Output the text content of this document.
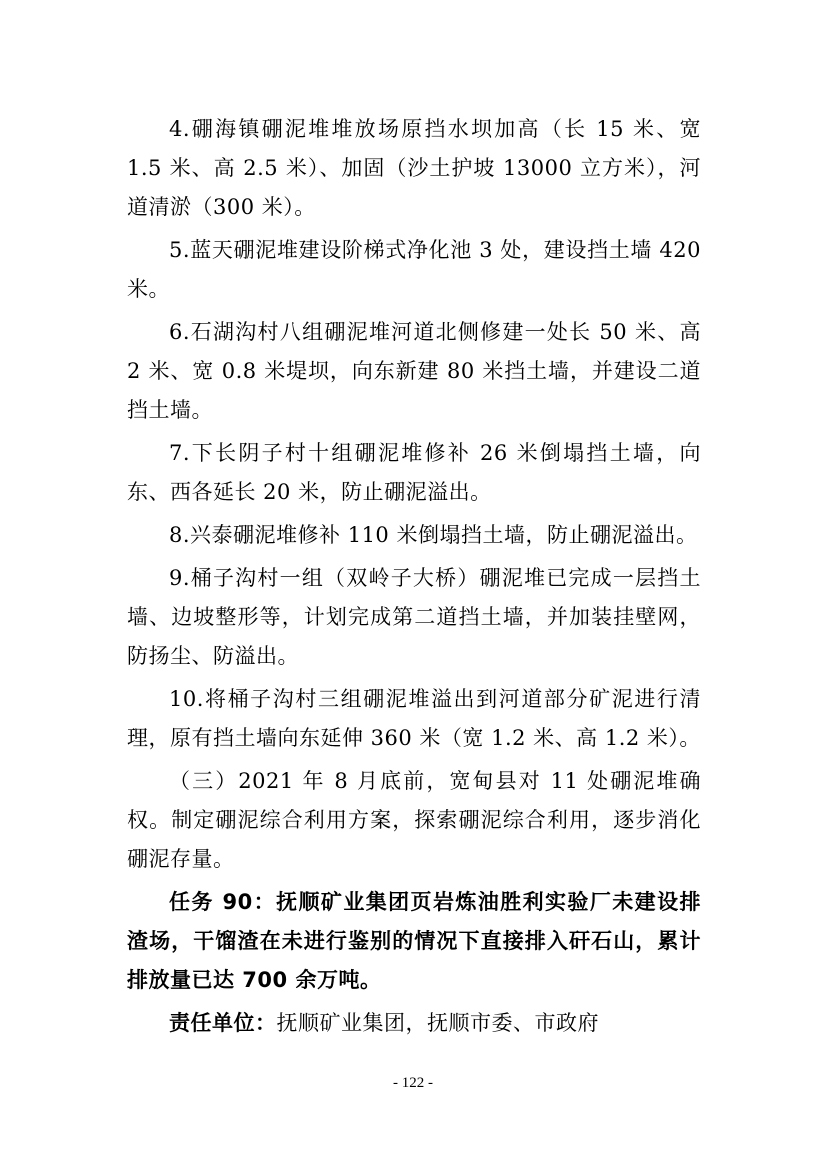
4.硼海镇硼泥堆堆放场原挡水坝加高（长 15 米、宽 1.5 米、高 2.5 米）、加固（沙土护坡 13000 立方米），河道清淤（300 米）。

5.蓝天硼泥堆建设阶梯式净化池 3 处，建设挡土墙 420 米。

6.石湖沟村八组硼泥堆河道北侧修建一处长 50 米、高 2 米、宽 0.8 米堤坝，向东新建 80 米挡土墙，并建设二道挡土墙。

7.下长阴子村十组硼泥堆修补 26 米倒塌挡土墙，向东、西各延长 20 米，防止硼泥溢出。

8.兴泰硼泥堆修补 110 米倒塌挡土墙，防止硼泥溢出。

9.桶子沟村一组（双岭子大桥）硼泥堆已完成一层挡土墙、边坡整形等，计划完成第二道挡土墙，并加装挂壁网，防扬尘、防溢出。

10.将桶子沟村三组硼泥堆溢出到河道部分矿泥进行清理，原有挡土墙向东延伸 360 米（宽 1.2 米、高 1.2 米）。

（三）2021 年 8 月底前，宽甸县对 11 处硼泥堆确权。制定硼泥综合利用方案，探索硼泥综合利用，逐步消化硼泥存量。

任务 90：抚顺矿业集团页岩炼油胜利实验厂未建设排渣场，干馏渣在未进行鉴别的情况下直接排入矸石山，累计排放量已达 700 余万吨。

责任单位：抚顺矿业集团，抚顺市委、市政府

- 122 -
